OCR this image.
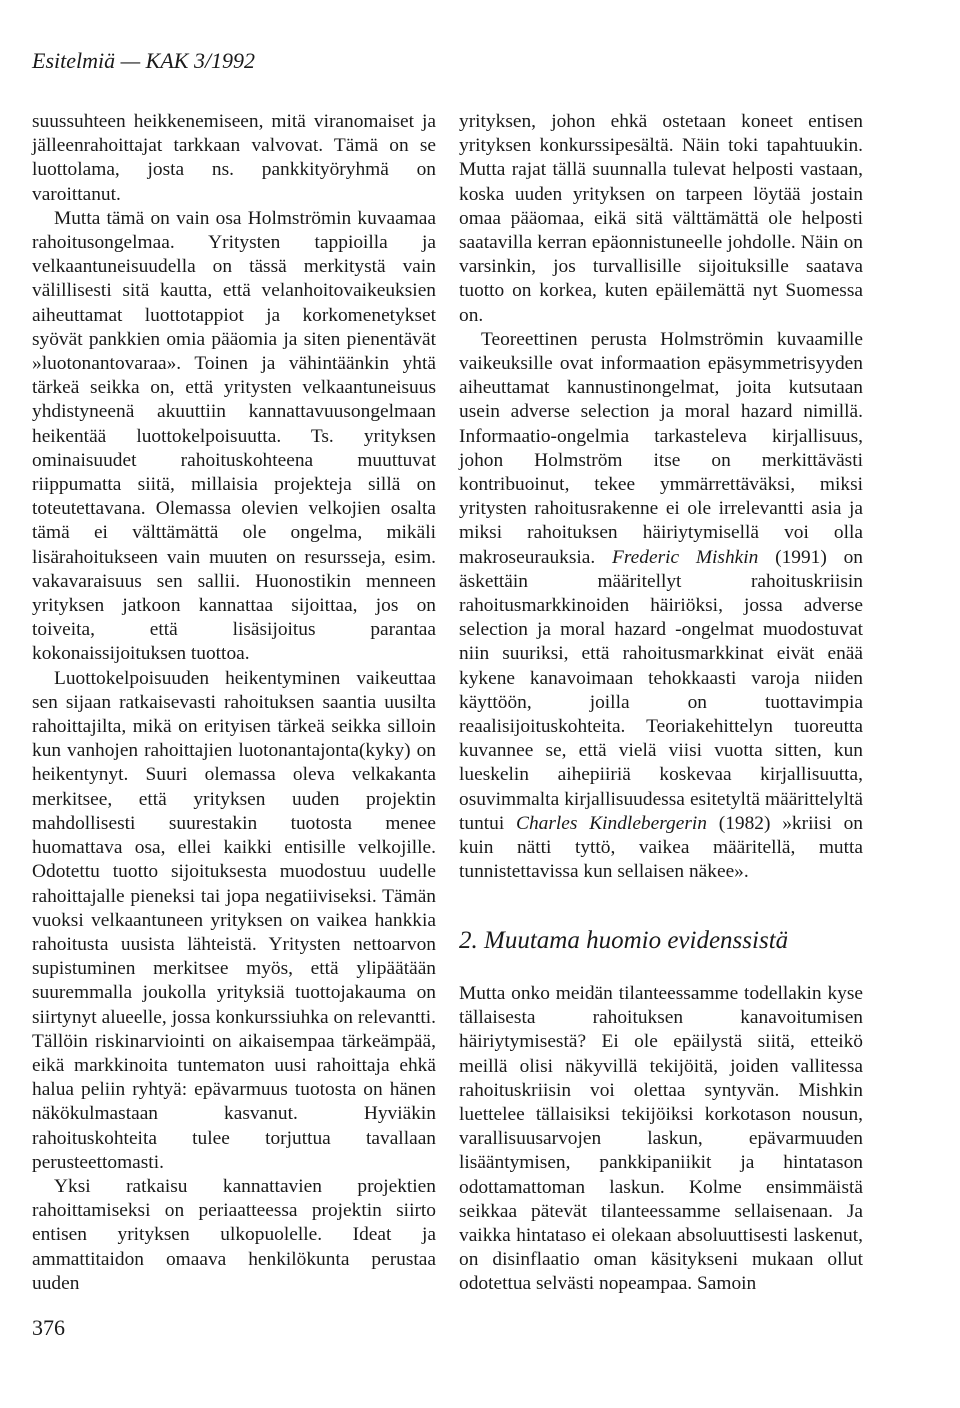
Esitelmiä — KAK 3/1992

suussuhteen heikkenemiseen, mitä viranomaiset ja jälleenrahoittajat tarkkaan valvovat. Tämä on se luottolama, josta ns. pankkityöryhmä on varoittanut.

Mutta tämä on vain osa Holmströmin kuvaamaa rahoitusongelmaa. Yritysten tappioilla ja velkaantuneisuudella on tässä merkitystä vain välillisesti sitä kautta, että velanhoitovaikeuksien aiheuttamat luottotappiot ja korkomenetykset syövät pankkien omia pääomia ja siten pienentävät »luotonantovaraa». Toinen ja vähintäänkin yhtä tärkeä seikka on, että yritysten velkaantuneisuus yhdistyneenä akuuttiin kannattavuusongelmaan heikentää luottokelpoisuutta. Ts. yrityksen ominaisuudet rahoituskohteena muuttuvat riippumatta siitä, millaisia projekteja sillä on toteutettavana. Olemassa olevien velkojien osalta tämä ei välttämättä ole ongelma, mikäli lisärahoitukseen vain muuten on resursseja, esim. vakavaraisuus sen sallii. Huonostikin menneen yrityksen jatkoon kannattaa sijoittaa, jos on toiveita, että lisäsijoitus parantaa kokonaissijoituksen tuottoa.

Luottokelpoisuuden heikentyminen vaikeuttaa sen sijaan ratkaisevasti rahoituksen saantia uusilta rahoittajilta, mikä on erityisen tärkeä seikka silloin kun vanhojen rahoittajien luotonantajonta(kyky) on heikentynyt. Suuri olemassa oleva velkakanta merkitsee, että yrityksen uuden projektin mahdollisesti suurestakin tuotosta menee huomattava osa, ellei kaikki entisille velkojille. Odotettu tuotto sijoituksesta muodostuu uudelle rahoittajalle pieneksi tai jopa negatiiviseksi. Tämän vuoksi velkaantuneen yrityksen on vaikea hankkia rahoitusta uusista lähteistä. Yritysten nettoarvon supistuminen merkitsee myös, että ylipäätään suuremmalla joukolla yrityksiä tuottojakauma on siirtynyt alueelle, jossa konkurssiuhka on relevantti. Tällöin riskinarviointi on aikaisempaa tärkeämpää, eikä markkinoita tuntematon uusi rahoittaja ehkä halua peliin ryhtyä: epävarmuus tuotosta on hänen näkökulmastaan kasvanut. Hyviäkin rahoituskohteita tulee torjuttua tavallaan perusteettomasti.

Yksi ratkaisu kannattavien projektien rahoittamiseksi on periaatteessa projektin siirto entisen yrityksen ulkopuolelle. Ideat ja ammattitaidon omaava henkilökunta perustaa uuden

yrityksen, johon ehkä ostetaan koneet entisen yrityksen konkurssipesältä. Näin toki tapahtuukin. Mutta rajat tällä suunnalla tulevat helposti vastaan, koska uuden yrityksen on tarpeen löytää jostain omaa pääomaa, eikä sitä välttämättä ole helposti saatavilla kerran epäonnistuneelle johdolle. Näin on varsinkin, jos turvallisille sijoituksille saatava tuotto on korkea, kuten epäilemättä nyt Suomessa on.

Teoreettinen perusta Holmströmin kuvaamille vaikeuksille ovat informaation epäsymmetrisyyden aiheuttamat kannustinongelmat, joita kutsutaan usein adverse selection ja moral hazard nimillä. Informaatio-ongelmia tarkasteleva kirjallisuus, johon Holmström itse on merkittävästi kontribuoinut, tekee ymmärrettäväksi, miksi yritysten rahoitusrakenne ei ole irrelevantti asia ja miksi rahoituksen häiriytymisellä voi olla makroseurauksia. Frederic Mishkin (1991) on äskettäin määritellyt rahoituskriisin rahoitusmarkkinoiden häiriöksi, jossa adverse selection ja moral hazard -ongelmat muodostuvat niin suuriksi, että rahoitusmarkkinat eivät enää kykene kanavoimaan tehokkaasti varoja niiden käyttöön, joilla on tuottavimpia reaalisijoituskohteita. Teoriakehittelyn tuoreutta kuvannee se, että vielä viisi vuotta sitten, kun lueskelin aihepiiriä koskevaa kirjallisuutta, osuvimmalta kirjallisuudessa esitetyltä määrittelyltä tuntui Charles Kindlebergerin (1982) »kriisi on kuin nätti tyttö, vaikea määritellä, mutta tunnistettavissa kun sellaisen näkee».

2. Muutama huomio evidenssistä

Mutta onko meidän tilanteessamme todellakin kyse tällaisesta rahoituksen kanavoitumisen häiriytymisestä? Ei ole epäilystä siitä, etteikö meillä olisi näkyvillä tekijöitä, joiden vallitessa rahoituskriisin voi olettaa syntyvän. Mishkin luettelee tällaisiksi tekijöiksi korkotason nousun, varallisuusarvojen laskun, epävarmuuden lisääntymisen, pankkipaniikit ja hintatason odottamattoman laskun. Kolme ensimmäistä seikkaa pätevät tilanteessamme sellaisenaan. Ja vaikka hintataso ei olekaan absoluuttisesti laskenut, on disinflaatio oman käsitykseni mukaan ollut odotettua selvästi nopeampaa. Samoin

376
